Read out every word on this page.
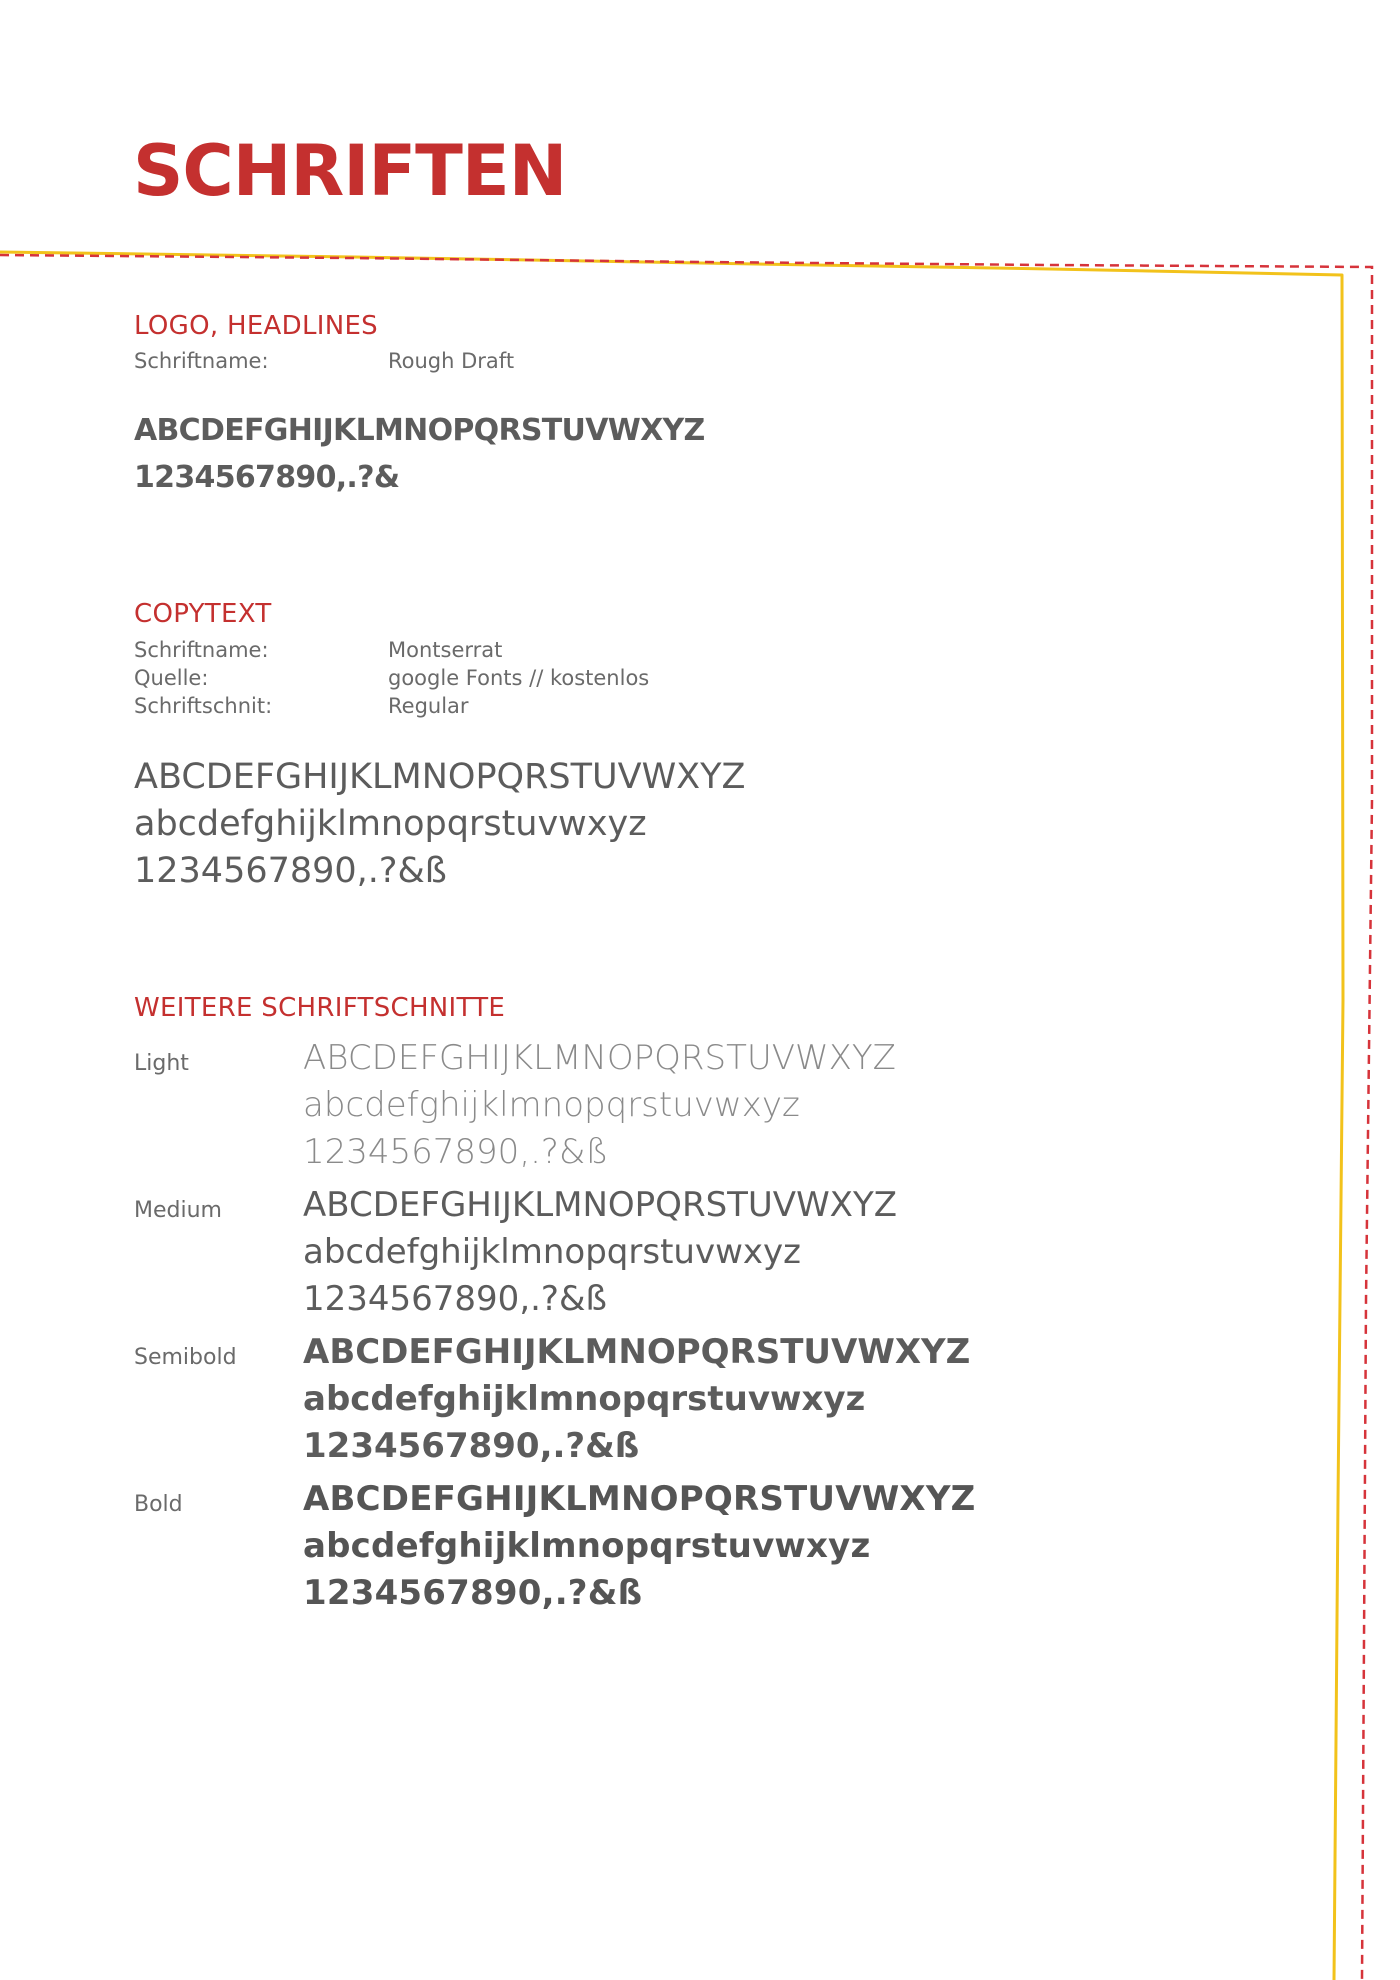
SCHRIFTEN
LOGO, HEADLINES
Schriftname:	Rough Draft
ABCDEFGHIJKLMNOPQRSTUVWXYZ
1234567890,.?&
COPYTEXT
Schriftname:	Montserrat
Quelle:	google Fonts // kostenlos
Schriftschnit:	Regular
ABCDEFGHIJKLMNOPQRSTUVWXYZ
abcdefghijklmnopqrstuvwxyz
1234567890,.?&ß
WEITERE SCHRIFTSCHNITTE
Light	ABCDEFGHIJKLMNOPQRSTUVWXYZ
abcdefghijklmnopqrstuvwxyz
1234567890,.?&ß
Medium ABCDEFGHIJKLMNOPQRSTUVWXYZ
abcdefghijklmnopqrstuvwxyz
1234567890,.?&ß
Semibold ABCDEFGHIJKLMNOPQRSTUVWXYZ
abcdefghijklmnopqrstuvwxyz
1234567890,.?&ß
Bold	ABCDEFGHIJKLMNOPQRSTUVWXYZ
abcdefghijklmnopqrstuvwxyz
1234567890,.?&ß
